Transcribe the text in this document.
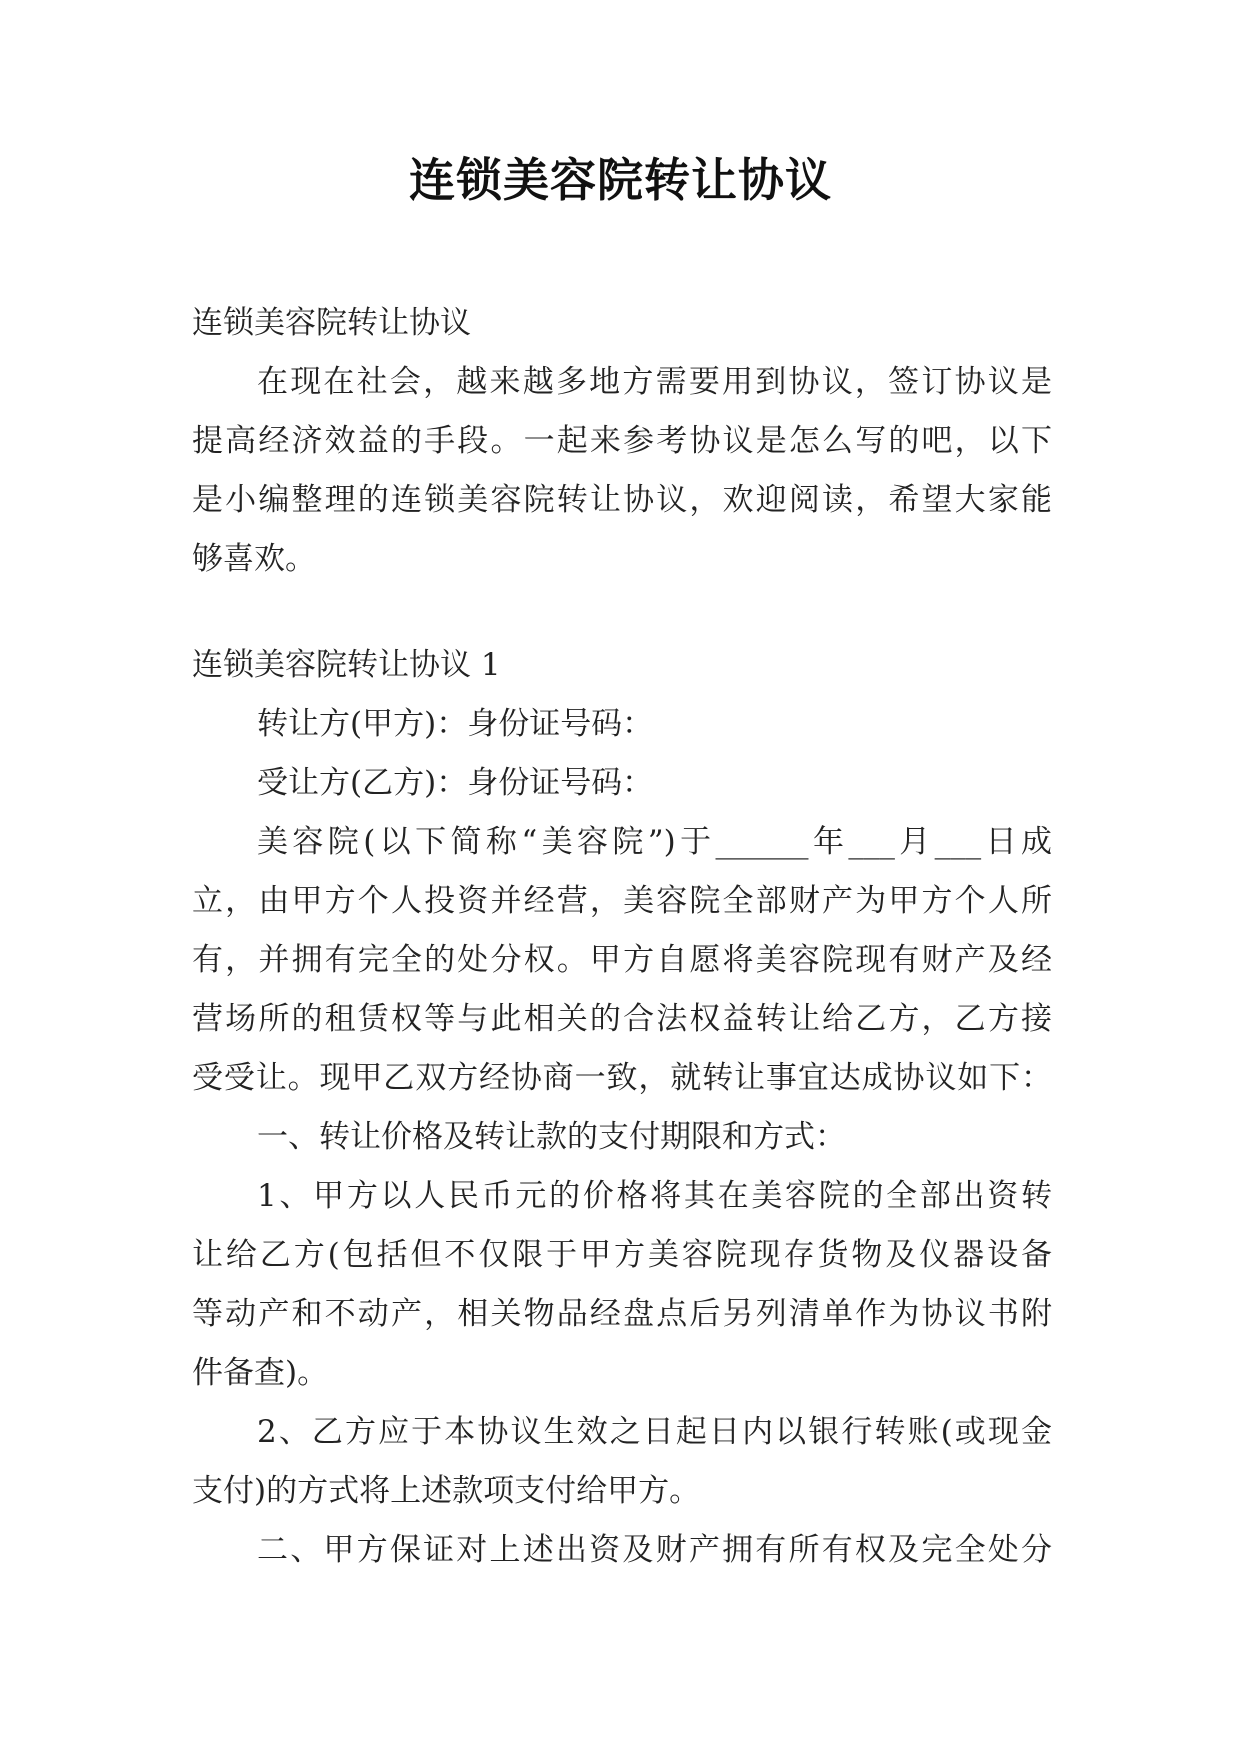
连锁美容院转让协议
连锁美容院转让协议
在现在社会，越来越多地方需要用到协议，签订协议是
提高经济效益的手段。一起来参考协议是怎么写的吧，以下
是小编整理的连锁美容院转让协议，欢迎阅读，希望大家能
够喜欢。
连锁美容院转让协议 1
转让方(甲方)：身份证号码：
受让方(乙方)：身份证号码：
美容院(以下简称“美容院”)于______年___月___日成
立，由甲方个人投资并经营，美容院全部财产为甲方个人所
有，并拥有完全的处分权。甲方自愿将美容院现有财产及经
营场所的租赁权等与此相关的合法权益转让给乙方，乙方接
受受让。现甲乙双方经协商一致，就转让事宜达成协议如下：
一、转让价格及转让款的支付期限和方式：
1、甲方以人民币元的价格将其在美容院的全部出资转
让给乙方(包括但不仅限于甲方美容院现存货物及仪器设备
等动产和不动产，相关物品经盘点后另列清单作为协议书附
件备查)。
2、乙方应于本协议生效之日起日内以银行转账(或现金
支付)的方式将上述款项支付给甲方。
二、甲方保证对上述出资及财产拥有所有权及完全处分
